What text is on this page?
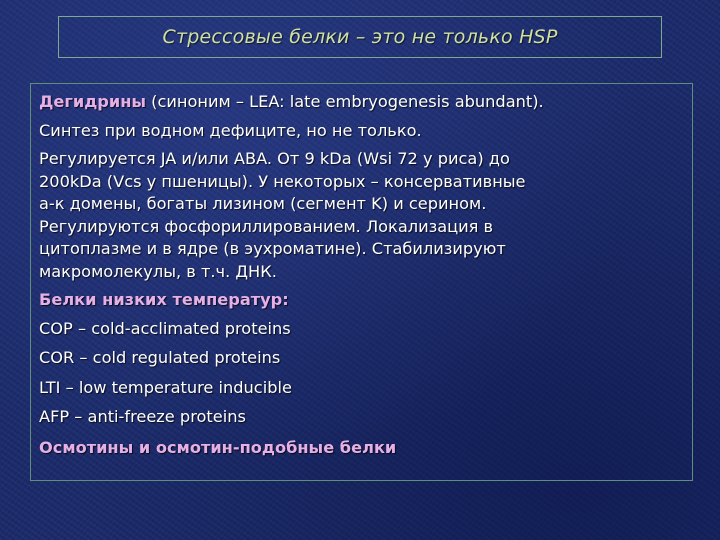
Стрессовые белки – это не только HSP
Дегидрины (синоним – LEA: late embryogenesis abundant).
Синтез при водном дефиците, но не только.
Регулируется JA и/или ABA. От 9 kDa (Wsi 72 у риса) до
200kDa (Vcs у пшеницы). У некоторых – консервативные
а-к домены, богаты лизином (сегмент K) и серином.
Регулируются фосфориллированием. Локализация в
цитоплазме и в ядре (в эухроматине). Стабилизируют
макромолекулы, в т.ч. ДНК.
Белки низких температур:
COP – cold-acclimated proteins
COR – cold regulated proteins
LTI – low temperature inducible
AFP – anti-freeze proteins
Осмотины и осмотин-подобные белки
